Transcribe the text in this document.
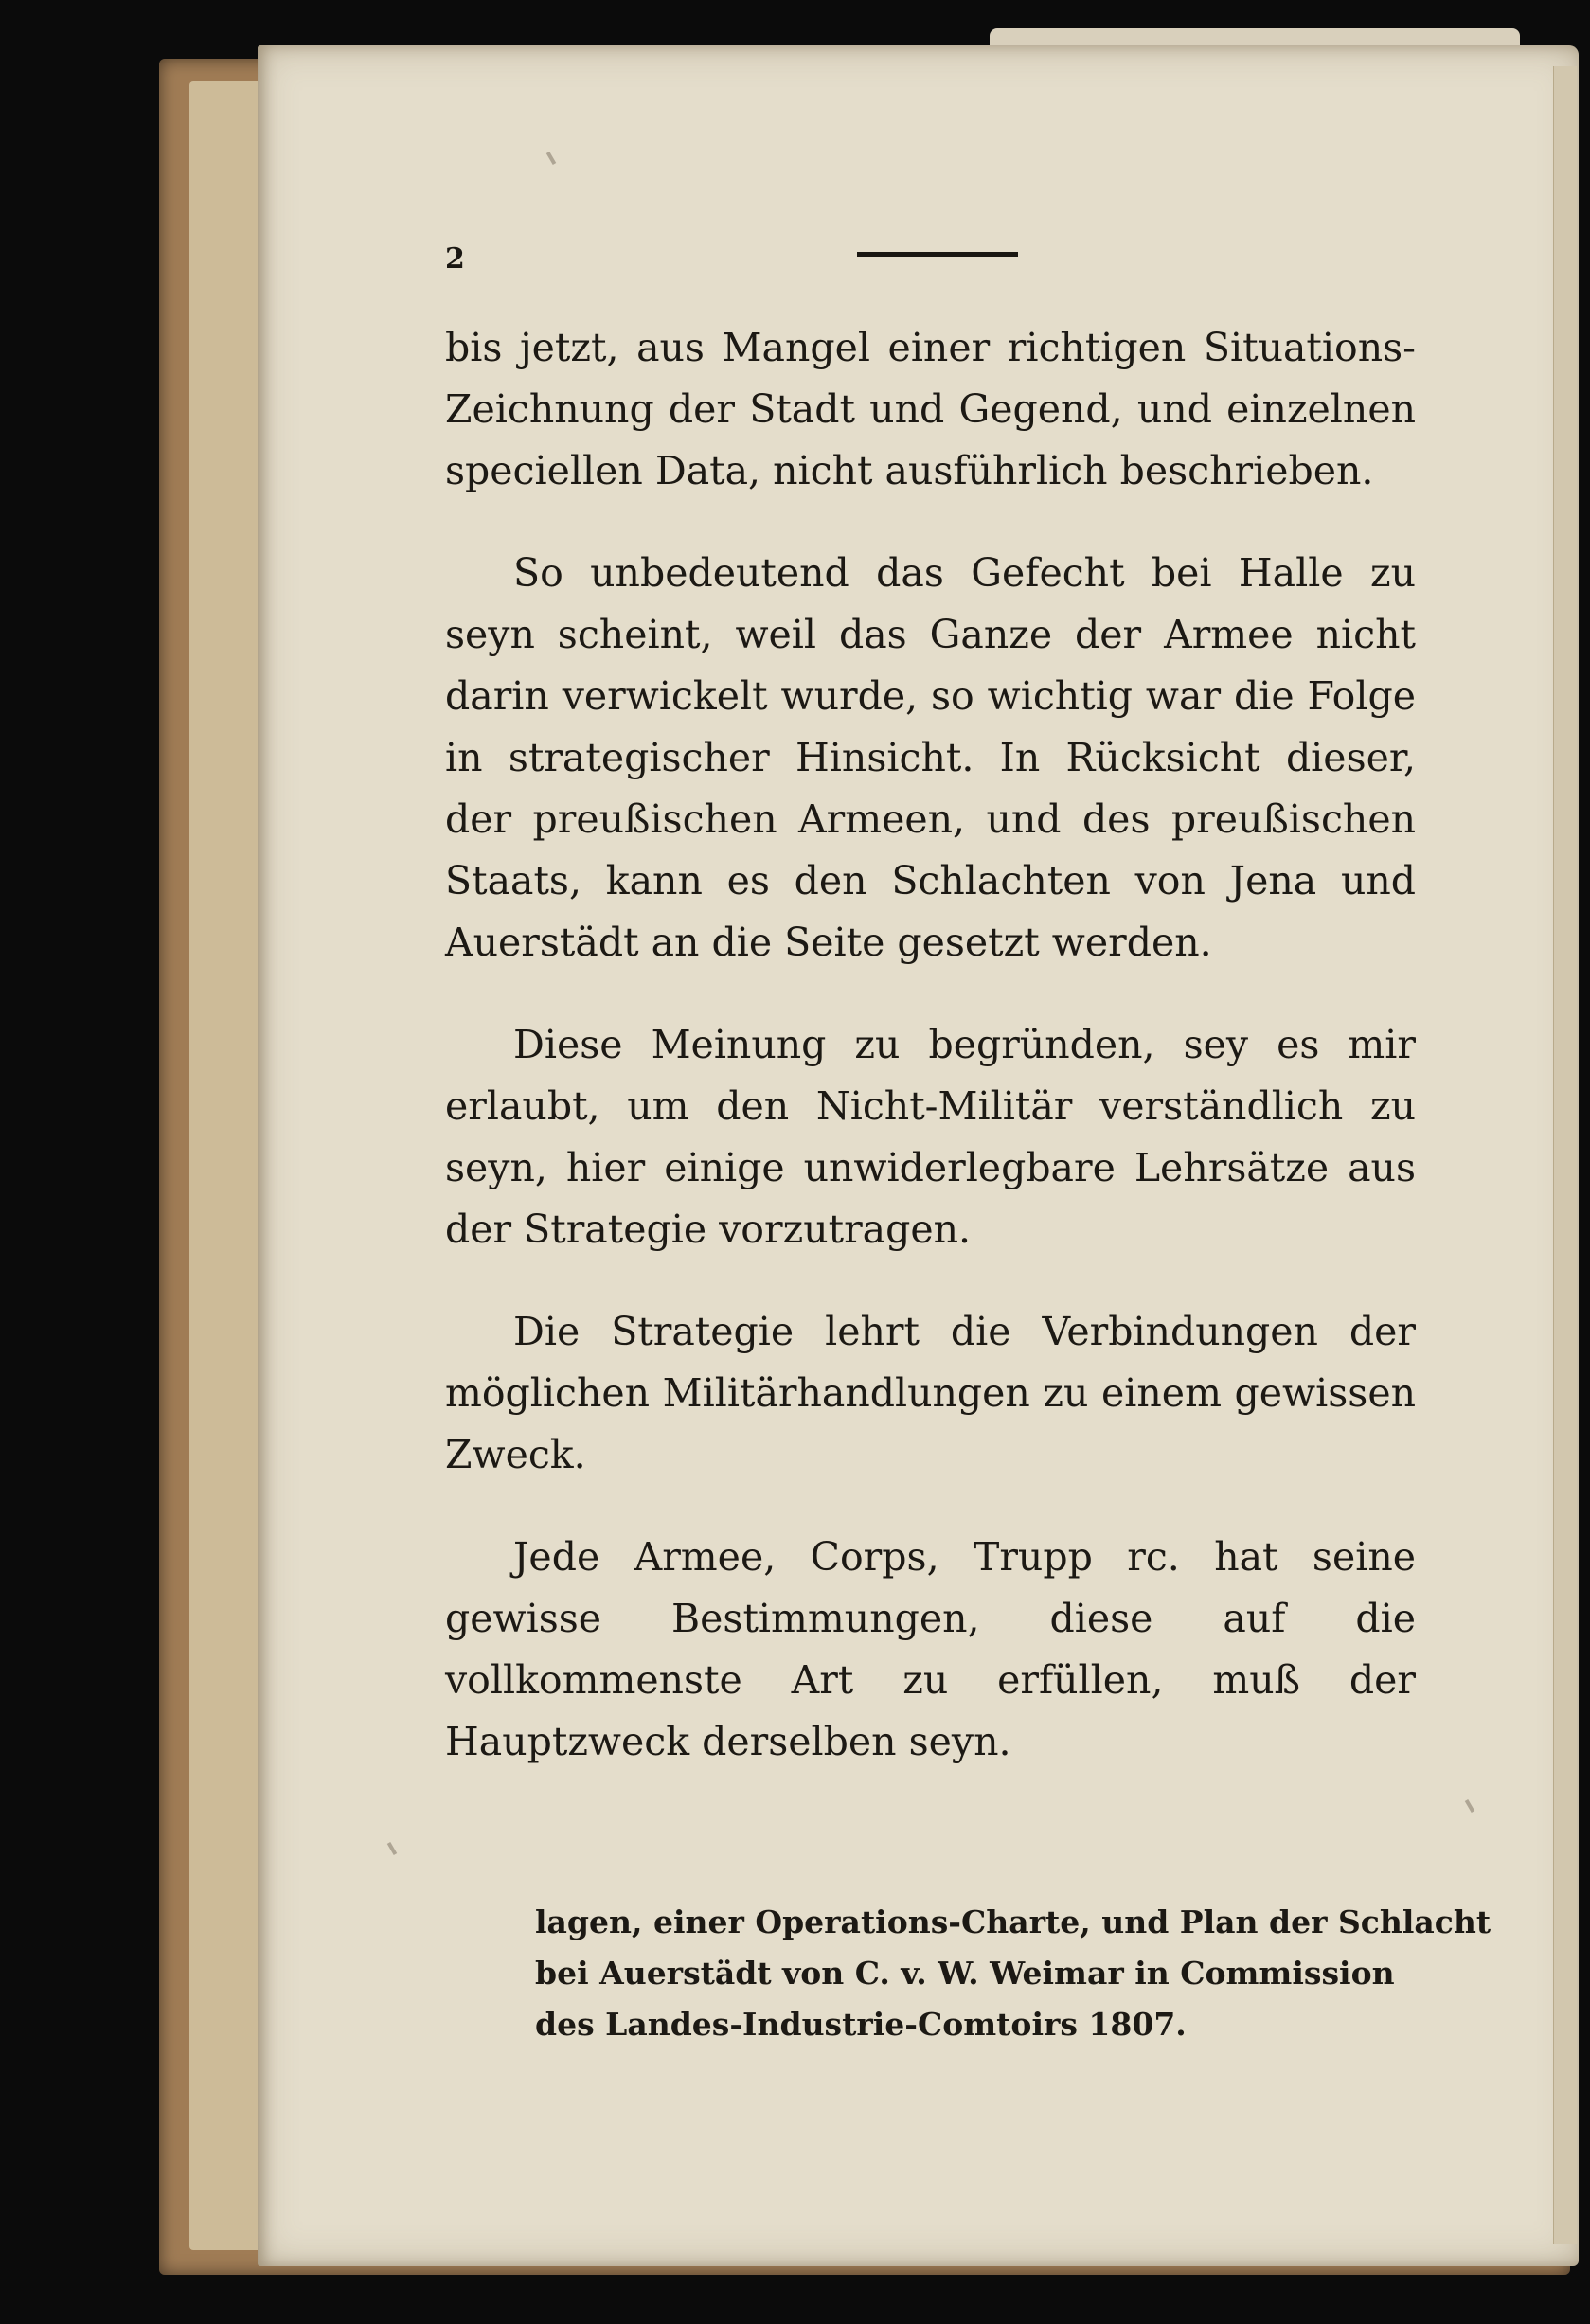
2

bis jetzt, aus Mangel einer richtigen Situations-Zeichnung der Stadt und Gegend, und einzelnen speciellen Data, nicht ausführlich beschrieben.

So unbedeutend das Gefecht bei Halle zu seyn scheint, weil das Ganze der Armee nicht darin verwickelt wurde, so wichtig war die Folge in strategischer Hinsicht. In Rücksicht dieser, der preußischen Armeen, und des preußischen Staats, kann es den Schlachten von Jena und Auerstädt an die Seite gesetzt werden.

Diese Meinung zu begründen, sey es mir erlaubt, um den Nicht-Militär verständlich zu seyn, hier einige unwiderlegbare Lehrsätze aus der Strategie vorzutragen.

Die Strategie lehrt die Verbindungen der möglichen Militärhandlungen zu einem gewissen Zweck.

Jede Armee, Corps, Trupp rc. hat seine gewisse Bestimmungen, diese auf die vollkommenste Art zu erfüllen, muß der Hauptzweck derselben seyn.

lagen, einer Operations-Charte, und Plan der Schlacht
bei Auerstädt von C. v. W. Weimar in Commission
des Landes-Industrie-Comtoirs 1807.
